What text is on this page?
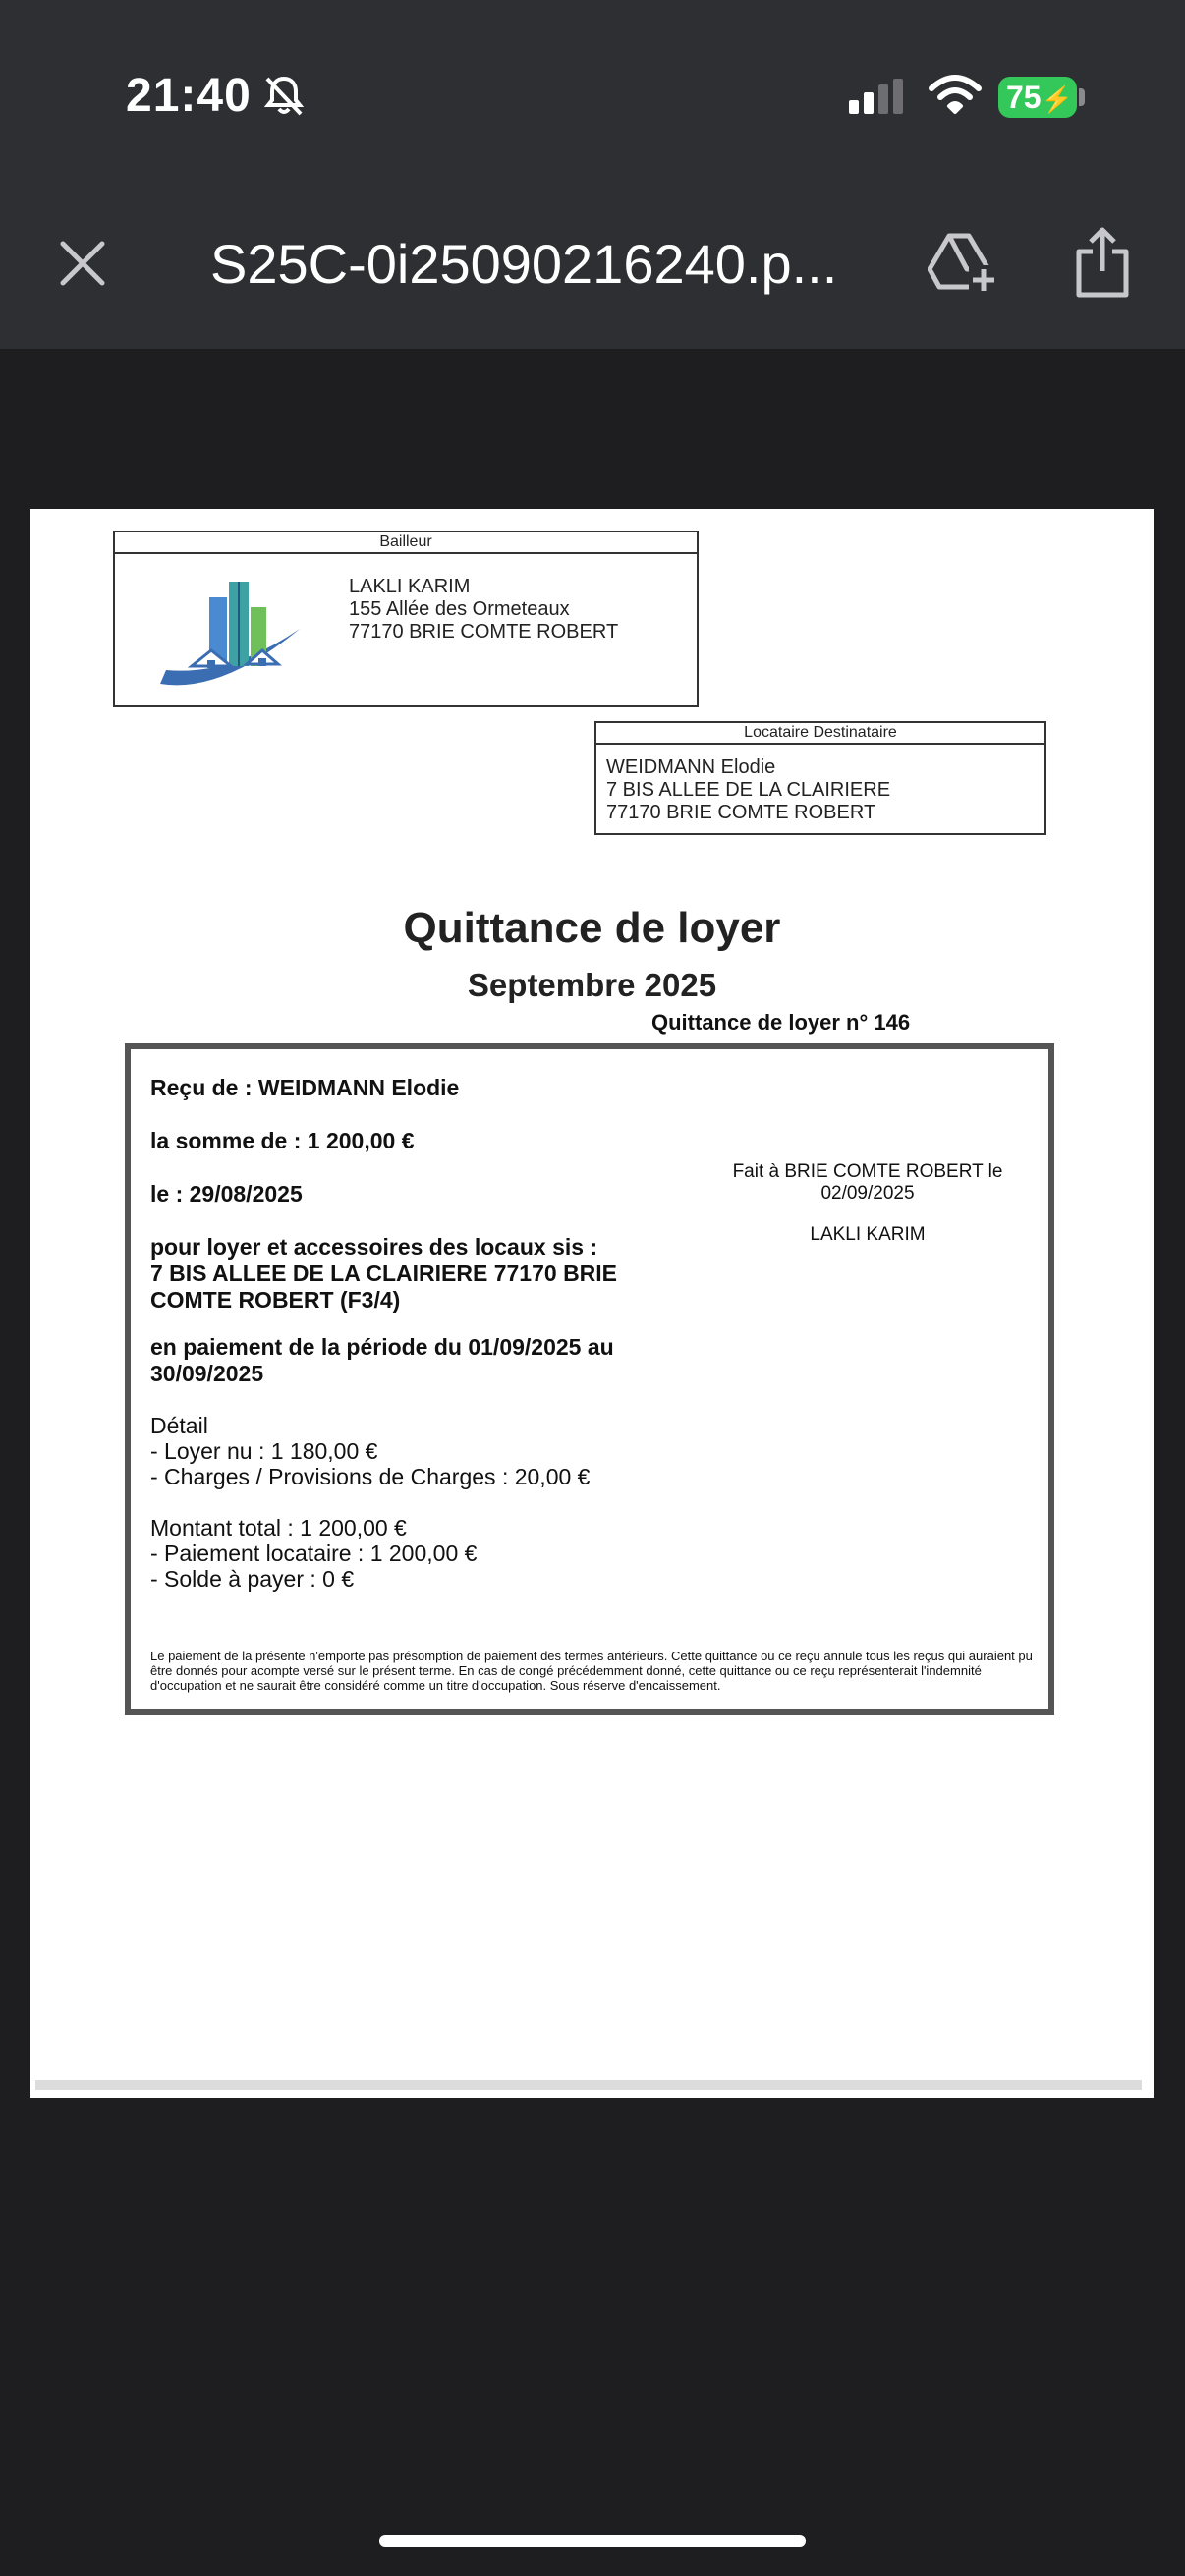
21:40	75⚡
S25C-0i25090216240.p...
Bailleur
LAKLI KARIM
155 Allée des Ormeteaux
77170 BRIE COMTE ROBERT
Locataire Destinataire
WEIDMANN Elodie
7 BIS ALLEE DE LA CLAIRIERE
77170 BRIE COMTE ROBERT
Quittance de loyer
Septembre 2025
Quittance de loyer n° 146
Reçu de : WEIDMANN Elodie
la somme de : 1 200,00 €
le : 29/08/2025
pour loyer et accessoires des locaux sis :
7 BIS ALLEE DE LA CLAIRIERE 77170 BRIE
COMTE ROBERT (F3/4)
en paiement de la période du 01/09/2025 au
30/09/2025
Détail
- Loyer nu : 1 180,00 €
- Charges / Provisions de Charges : 20,00 €
Montant total : 1 200,00 €
- Paiement locataire : 1 200,00 €
- Solde à payer : 0 €
Fait à BRIE COMTE ROBERT le
02/09/2025
LAKLI KARIM
Le paiement de la présente n'emporte pas présomption de paiement des termes antérieurs. Cette quittance ou ce reçu annule tous les reçus qui auraient pu être donnés pour acompte versé sur le présent terme. En cas de congé précédemment donné, cette quittance ou ce reçu représenterait l'indemnité d'occupation et ne saurait être considéré comme un titre d'occupation. Sous réserve d'encaissement.
